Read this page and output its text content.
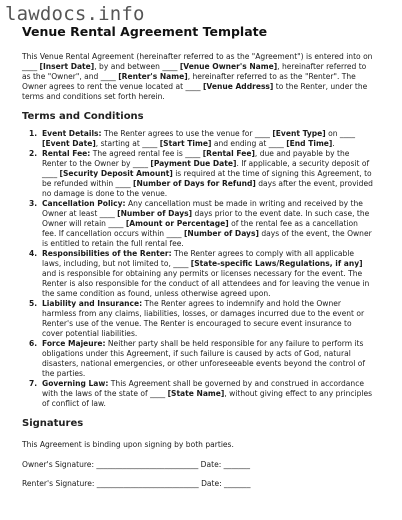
lawdocs.info
Venue Rental Agreement Template

This Venue Rental Agreement (hereinafter referred to as the "Agreement") is entered into on ____ [Insert Date], by and between ____ [Venue Owner's Name], hereinafter referred to as the "Owner", and ____ [Renter's Name], hereinafter referred to as the "Renter". The Owner agrees to rent the venue located at ____ [Venue Address] to the Renter, under the terms and conditions set forth herein.

Terms and Conditions
1. Event Details: The Renter agrees to use the venue for ____ [Event Type] on ____ [Event Date], starting at ____ [Start Time] and ending at ____ [End Time].
2. Rental Fee: The agreed rental fee is ____ [Rental Fee], due and payable by the Renter to the Owner by ____ [Payment Due Date]. If applicable, a security deposit of ____ [Security Deposit Amount] is required at the time of signing this Agreement, to be refunded within ____ [Number of Days for Refund] days after the event, provided no damage is done to the venue.
3. Cancellation Policy: Any cancellation must be made in writing and received by the Owner at least ____ [Number of Days] days prior to the event date. In such case, the Owner will retain ____ [Amount or Percentage] of the rental fee as a cancellation fee. If cancellation occurs within ____ [Number of Days] days of the event, the Owner is entitled to retain the full rental fee.
4. Responsibilities of the Renter: The Renter agrees to comply with all applicable laws, including, but not limited to, ____ [State-specific Laws/Regulations, if any] and is responsible for obtaining any permits or licenses necessary for the event. The Renter is also responsible for the conduct of all attendees and for leaving the venue in the same condition as found, unless otherwise agreed upon.
5. Liability and Insurance: The Renter agrees to indemnify and hold the Owner harmless from any claims, liabilities, losses, or damages incurred due to the event or Renter's use of the venue. The Renter is encouraged to secure event insurance to cover potential liabilities.
6. Force Majeure: Neither party shall be held responsible for any failure to perform its obligations under this Agreement, if such failure is caused by acts of God, natural disasters, national emergencies, or other unforeseeable events beyond the control of the parties.
7. Governing Law: This Agreement shall be governed by and construed in accordance with the laws of the state of ____ [State Name], without giving effect to any principles of conflict of law.
Signatures

This Agreement is binding upon signing by both parties.

Owner's Signature: ___________________________ Date: _______

Renter's Signature: ___________________________ Date: _______
